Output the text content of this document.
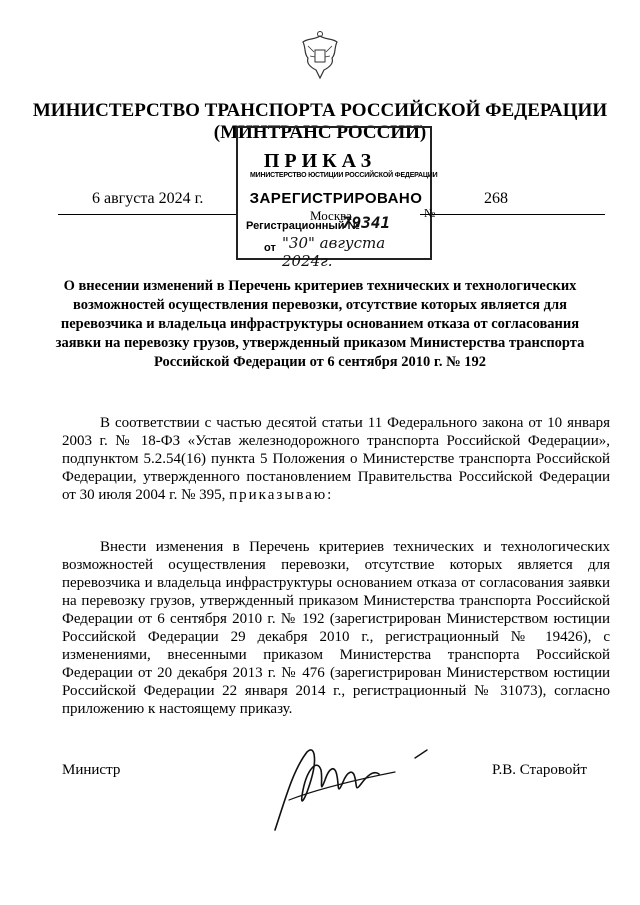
МИНИСТЕРСТВО ТРАНСПОРТА РОССИЙСКОЙ ФЕДЕРАЦИИ
(МИНТРАНС РОССИИ)
ПРИКАЗ
6 августа 2024 г.	268
МИНИСТЕРСТВО ЮСТИЦИИ РОССИЙСКОЙ ФЕДЕРАЦИИ
ЗАРЕГИСТРИРОВАНО
Москва	№
Регистрационный №
79341
от "30" августа 2024г.
О внесении изменений в Перечень критериев технических и технологических возможностей осуществления перевозки, отсутствие которых является для перевозчика и владельца инфраструктуры основанием отказа от согласования заявки на перевозку грузов, утвержденный приказом Министерства транспорта Российской Федерации от 6 сентября 2010 г. № 192
В соответствии с частью десятой статьи 11 Федерального закона от 10 января 2003 г. № 18-ФЗ «Устав железнодорожного транспорта Российской Федерации», подпунктом 5.2.54(16) пункта 5 Положения о Министерстве транспорта Российской Федерации, утвержденного постановлением Правительства Российской Федерации от 30 июля 2004 г. № 395, приказываю:
Внести изменения в Перечень критериев технических и технологических возможностей осуществления перевозки, отсутствие которых является для перевозчика и владельца инфраструктуры основанием отказа от согласования заявки на перевозку грузов, утвержденный приказом Министерства транспорта Российской Федерации от 6 сентября 2010 г. № 192 (зарегистрирован Министерством юстиции Российской Федерации 29 декабря 2010 г., регистрационный № 19426), с изменениями, внесенными приказом Министерства транспорта Российской Федерации от 20 декабря 2013 г. № 476 (зарегистрирован Министерством юстиции Российской Федерации 22 января 2014 г., регистрационный № 31073), согласно приложению к настоящему приказу.
Министр	Р.В. Старовойт
